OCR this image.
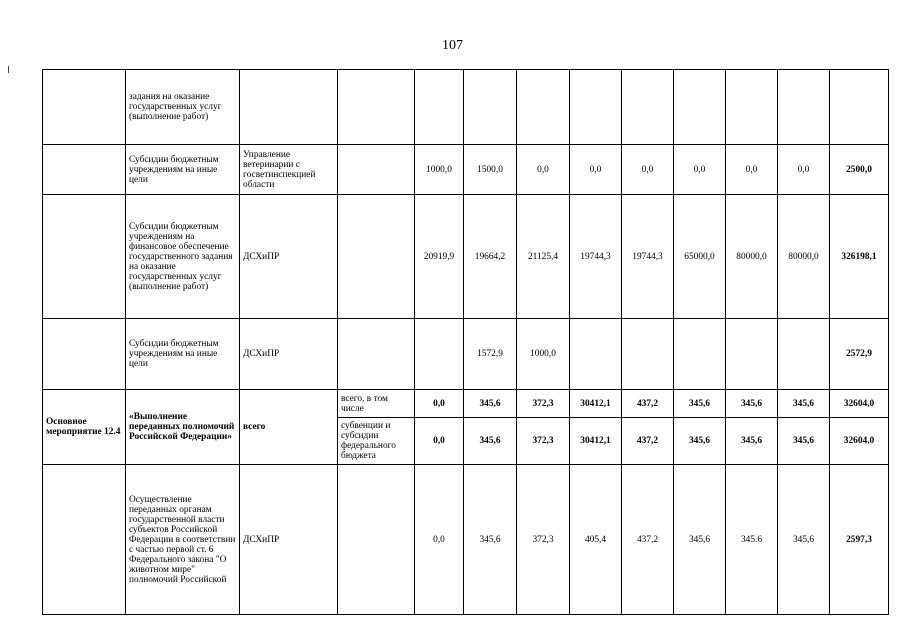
107
	задания на оказание государственных услуг (выполнение работ)											
	Субсидии бюджетным учреждениям на иные цели	Управление ветеринарии с госветинспекцией области		1000,0	1500,0	0,0	0,0	0,0	0,0	0,0	0,0	2500,0
	Субсидии бюджетным учреждениям на финансовое обеспечение государственного задания на оказание государственных услуг (выполнение работ)	ДСХиПР		20919,9	19664,2	21125,4	19744,3	19744,3	65000,0	80000,0	80000,0	326198,1
	Субсидии бюджетным учреждениям на иные цели	ДСХиПР			1572,9	1000,0						2572,9
Основное мероприятие 12.4	«Выполнение переданных полномочий Российской Федерации»	всего	всего, в том числе	0,0	345,6	372,3	30412,1	437,2	345,6	345,6	345,6	32604,0
			субвенции и субсидии федерального бюджета	0,0	345,6	372,3	30412,1	437,2	345,6	345,6	345,6	32604,0
	Осуществление переданных органам государственной власти субъектов Российской Федерации в соответствии с частью первой ст. 6 Федерального закона "О животном мире" полномочий Российской	ДСХиПР		0,0	345,6	372,3	405,4	437,2	345,6	345.6	345,6	2597,3
